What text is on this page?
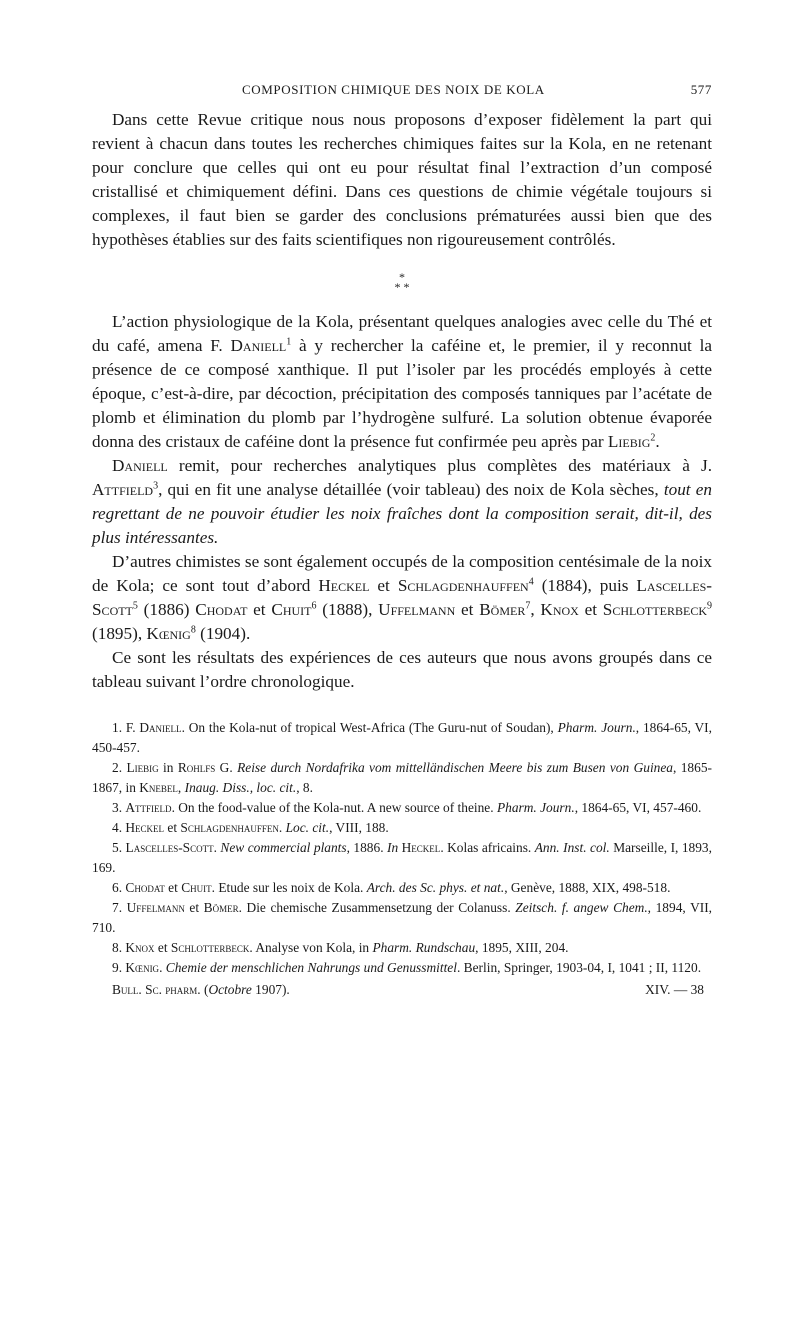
COMPOSITION CHIMIQUE DES NOIX DE KOLA	577

Dans cette Revue critique nous nous proposons d’exposer fidèlement la part qui revient à chacun dans toutes les recherches chimiques faites sur la Kola, en ne retenant pour conclure que celles qui ont eu pour résultat final l’extraction d’un composé cristallisé et chimiquement défini. Dans ces questions de chimie végétale toujours si complexes, il faut bien se garder des conclusions prématurées aussi bien que des hypothèses établies sur des faits scientifiques non rigoureusement contrôlés.

*
* *

L’action physiologique de la Kola, présentant quelques analogies avec celle du Thé et du café, amena F. Daniell$^1$ à y rechercher la caféine et, le premier, il y reconnut la présence de ce composé xanthique. Il put l’isoler par les procédés employés à cette époque, c’est-à-dire, par décoction, précipitation des composés tanniques par l’acétate de plomb et élimination du plomb par l’hydrogène sulfuré. La solution obtenue évaporée donna des cristaux de caféine dont la présence fut confirmée peu après par Liebig$^2$.

Daniell remit, pour recherches analytiques plus complètes des matériaux à J. Attfield$^3$, qui en fit une analyse détaillée (voir tableau) des noix de Kola sèches, tout en regrettant de ne pouvoir étudier les noix fraîches dont la composition serait, dit-il, des plus intéressantes.

D’autres chimistes se sont également occupés de la composition centésimale de la noix de Kola; ce sont tout d’abord Heckel et Schlagdenhauffen$^4$ (1884), puis Lascelles-Scott$^5$ (1886) Chodat et Chuit$^6$ (1888), Uffelmann et Bömer$^7$, Knox et Schlotterbeck$^9$ (1895), Kœnig$^8$ (1904).

Ce sont les résultats des expériences de ces auteurs que nous avons groupés dans ce tableau suivant l’ordre chronologique.

1. F. Daniell. On the Kola-nut of tropical West-Africa (The Guru-nut of Soudan), Pharm. Journ., 1864-65, VI, 450-457.

2. Liebig in Rohlfs G. Reise durch Nordafrika vom mittelländischen Meere bis zum Busen von Guinea, 1865-1867, in Knebel, Inaug. Diss., loc. cit., 8.

3. Attfield. On the food-value of the Kola-nut. A new source of theine. Pharm. Journ., 1864-65, VI, 457-460.

4. Heckel et Schlagdenhauffen. Loc. cit., VIII, 188.

5. Lascelles-Scott. New commercial plants, 1886. In Heckel. Kolas africains. Ann. Inst. col. Marseille, I, 1893, 169.

6. Chodat et Chuit. Etude sur les noix de Kola. Arch. des Sc. phys. et nat., Genève, 1888, XIX, 498-518.

7. Uffelmann et Bömer. Die chemische Zusammensetzung der Colanuss. Zeitsch. f. angew Chem., 1894, VII, 710.

8. Knox et Schlotterbeck. Analyse von Kola, in Pharm. Rundschau, 1895, XIII, 204.

9. Kœnig. Chemie der menschlichen Nahrungs und Genussmittel. Berlin, Springer, 1903-04, I, 1041 ; II, 1120.

Bull. Sc. pharm. (Octobre 1907).	XIV. — 38
